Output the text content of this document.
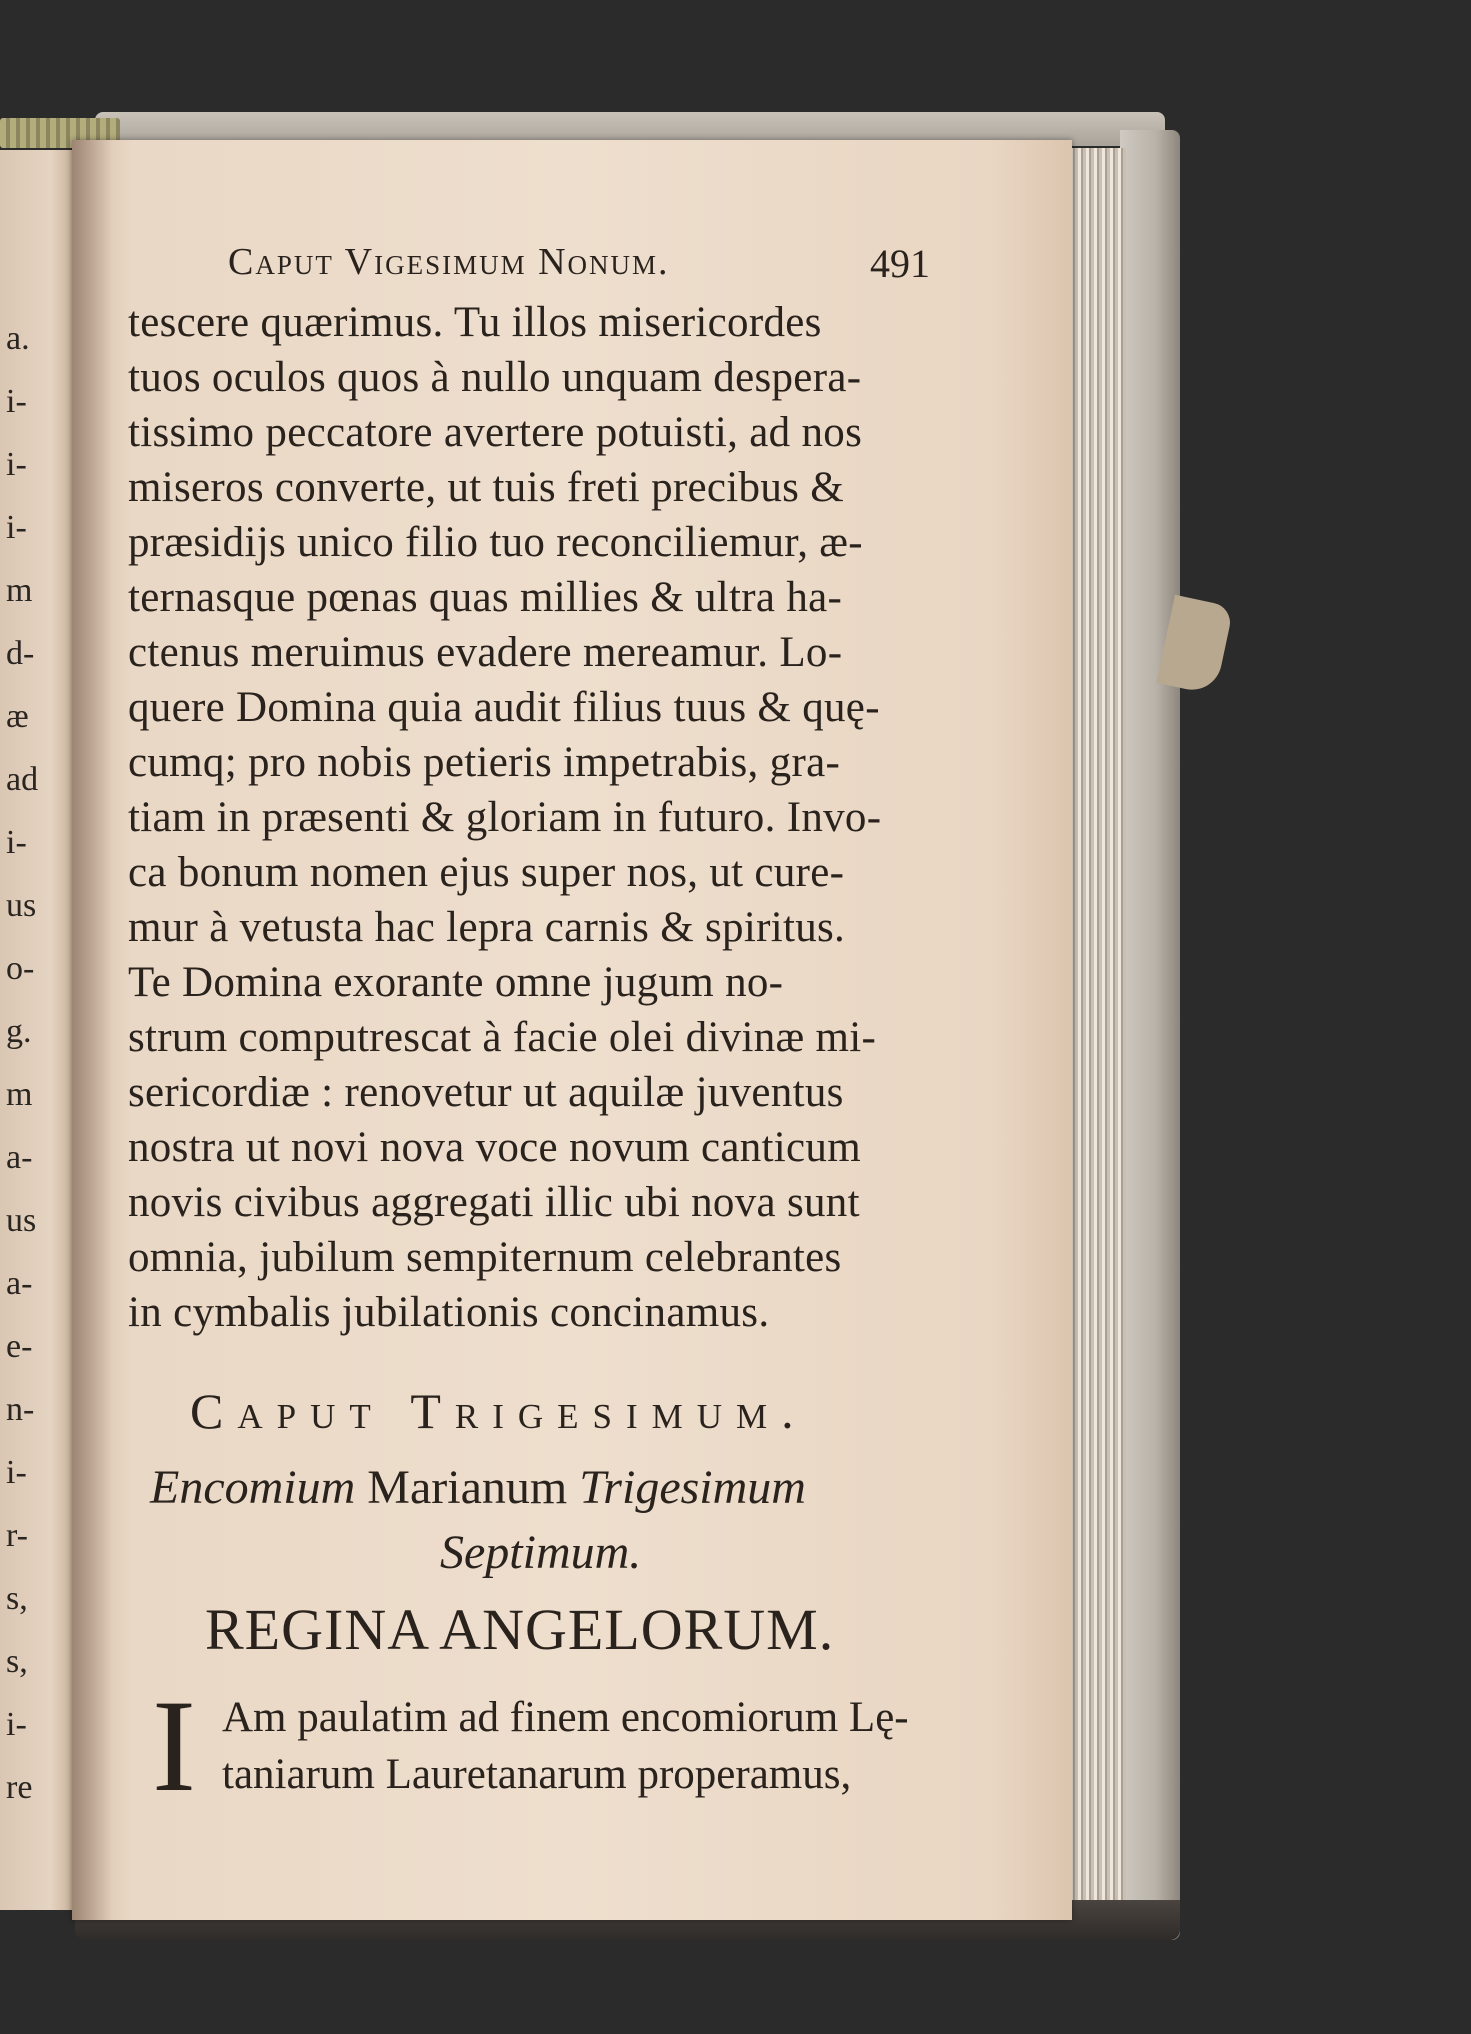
a.
i-
i-
i-
m
d-
æ
ad
i-
us
o-
g.
m
a-
us
a-
e-
n-
i-
r-
s,
s,
i-
re
Caput Vigesimum Nonum.	491
tescere quærimus. Tu illos misericordes
tuos oculos quos à nullo unquam despera-
tissimo peccatore avertere potuisti, ad nos
miseros converte, ut tuis freti precibus &
præsidijs unico filio tuo reconciliemur, æ-
ternasque pœnas quas millies & ultra ha-
ctenus meruimus evadere mereamur. Lo-
quere Domina quia audit filius tuus & quę-
cumq; pro nobis petieris impetrabis, gra-
tiam in præsenti & gloriam in futuro. Invo-
ca bonum nomen ejus super nos, ut cure-
mur à vetusta hac lepra carnis & spiritus.
Te Domina exorante omne jugum no-
strum computrescat à facie olei divinæ mi-
sericordiæ : renovetur ut aquilæ juventus
nostra ut novi nova voce novum canticum
novis civibus aggregati illic ubi nova sunt
omnia, jubilum sempiternum celebrantes
in cymbalis jubilationis concinamus.
Caput Trigesimum.
Encomium Marianum Trigesimum
Septimum.
REGINA ANGELORUM.
I Am paulatim ad finem encomiorum Lę-
taniarum Lauretanarum properamus,
